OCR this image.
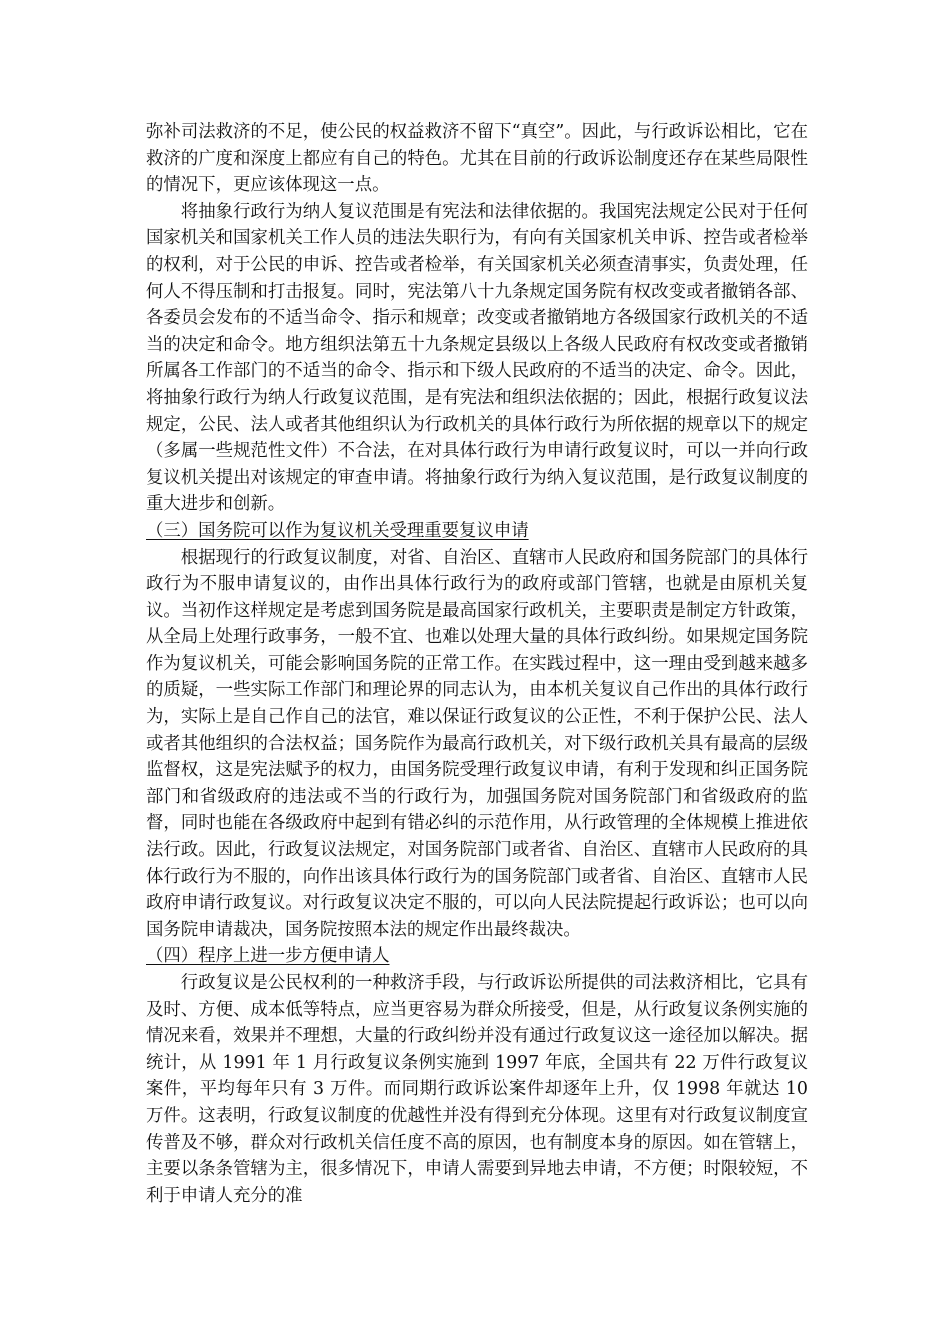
弥补司法救济的不足，使公民的权益救济不留下“真空”。因此，与行政诉讼相比，它在救济的广度和深度上都应有自己的特色。尤其在目前的行政诉讼制度还存在某些局限性的情况下，更应该体现这一点。

将抽象行政行为纳人复议范围是有宪法和法律依据的。我国宪法规定公民对于任何国家机关和国家机关工作人员的违法失职行为，有向有关国家机关申诉、控告或者检举的权利，对于公民的申诉、控告或者检举，有关国家机关必须查清事实，负责处理，任何人不得压制和打击报复。同时，宪法第八十九条规定国务院有权改变或者撤销各部、各委员会发布的不适当命令、指示和规章；改变或者撤销地方各级国家行政机关的不适当的决定和命令。地方组织法第五十九条规定县级以上各级人民政府有权改变或者撤销所属各工作部门的不适当的命令、指示和下级人民政府的不适当的决定、命令。因此，将抽象行政行为纳人行政复议范围，是有宪法和组织法依据的；因此，根据行政复议法规定，公民、法人或者其他组织认为行政机关的具体行政行为所依据的规章以下的规定（多属一些规范性文件）不合法，在对具体行政行为申请行政复议时，可以一并向行政复议机关提出对该规定的审查申请。将抽象行政行为纳入复议范围，是行政复议制度的重大进步和创新。

（三）国务院可以作为复议机关受理重要复议申请

根据现行的行政复议制度，对省、自治区、直辖市人民政府和国务院部门的具体行政行为不服申请复议的，由作出具体行政行为的政府或部门管辖，也就是由原机关复议。当初作这样规定是考虑到国务院是最高国家行政机关，主要职责是制定方针政策，从全局上处理行政事务，一般不宜、也难以处理大量的具体行政纠纷。如果规定国务院作为复议机关，可能会影响国务院的正常工作。在实践过程中，这一理由受到越来越多的质疑，一些实际工作部门和理论界的同志认为，由本机关复议自己作出的具体行政行为，实际上是自己作自己的法官，难以保证行政复议的公正性，不利于保护公民、法人或者其他组织的合法权益；国务院作为最高行政机关，对下级行政机关具有最高的层级监督权，这是宪法赋予的权力，由国务院受理行政复议申请，有利于发现和纠正国务院部门和省级政府的违法或不当的行政行为，加强国务院对国务院部门和省级政府的监督，同时也能在各级政府中起到有错必纠的示范作用，从行政管理的全体规模上推进依法行政。因此，行政复议法规定，对国务院部门或者省、自治区、直辖市人民政府的具体行政行为不服的，向作出该具体行政行为的国务院部门或者省、自治区、直辖市人民政府申请行政复议。对行政复议决定不服的，可以向人民法院提起行政诉讼；也可以向国务院申请裁决，国务院按照本法的规定作出最终裁决。

（四）程序上进一步方便申请人

行政复议是公民权利的一种救济手段，与行政诉讼所提供的司法救济相比，它具有及时、方便、成本低等特点，应当更容易为群众所接受，但是，从行政复议条例实施的情况来看，效果并不理想，大量的行政纠纷并没有通过行政复议这一途径加以解决。据统计，从 1991 年 1 月行政复议条例实施到 1997 年底，全国共有 22 万件行政复议案件，平均每年只有 3 万件。而同期行政诉讼案件却逐年上升，仅 1998 年就达 10 万件。这表明，行政复议制度的优越性并没有得到充分体现。这里有对行政复议制度宣传普及不够，群众对行政机关信任度不高的原因，也有制度本身的原因。如在管辖上，主要以条条管辖为主，很多情况下，申请人需要到异地去申请，不方便；时限较短，不利于申请人充分的准
